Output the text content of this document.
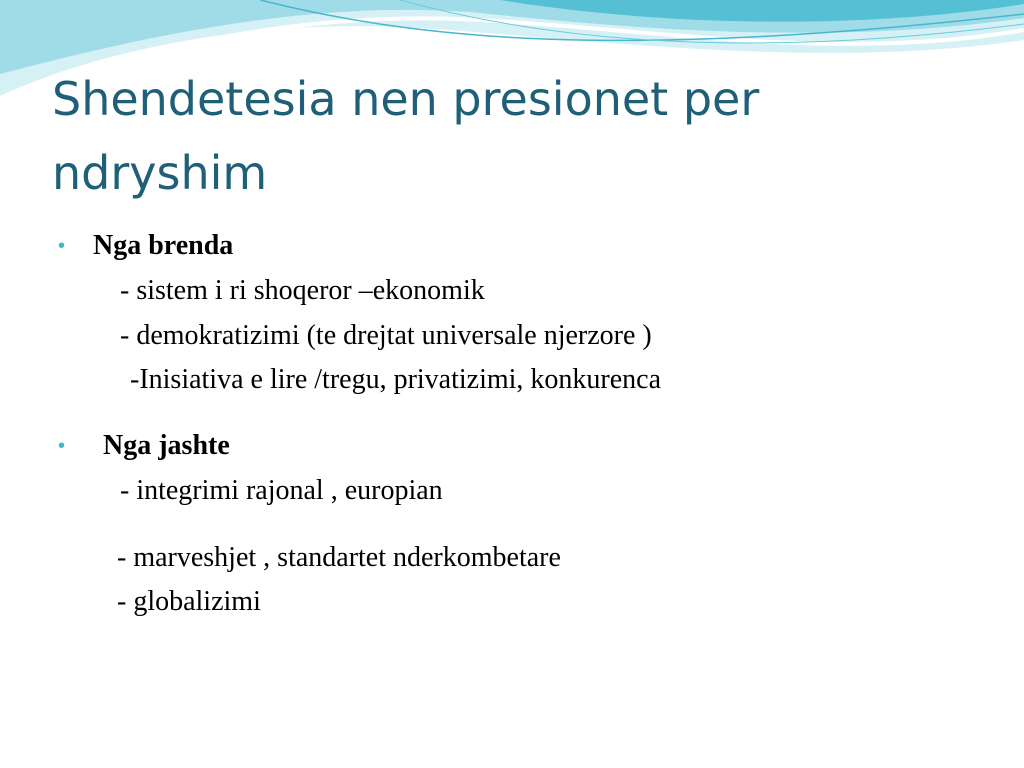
Shendetesia nen presionet per
ndryshim
• Nga brenda
- sistem i ri shoqeror –ekonomik
- demokratizimi (te drejtat universale njerzore )
-Inisiativa e lire /tregu, privatizimi, konkurenca
• Nga jashte
- integrimi rajonal , europian
- marveshjet , standartet nderkombetare
- globalizimi
